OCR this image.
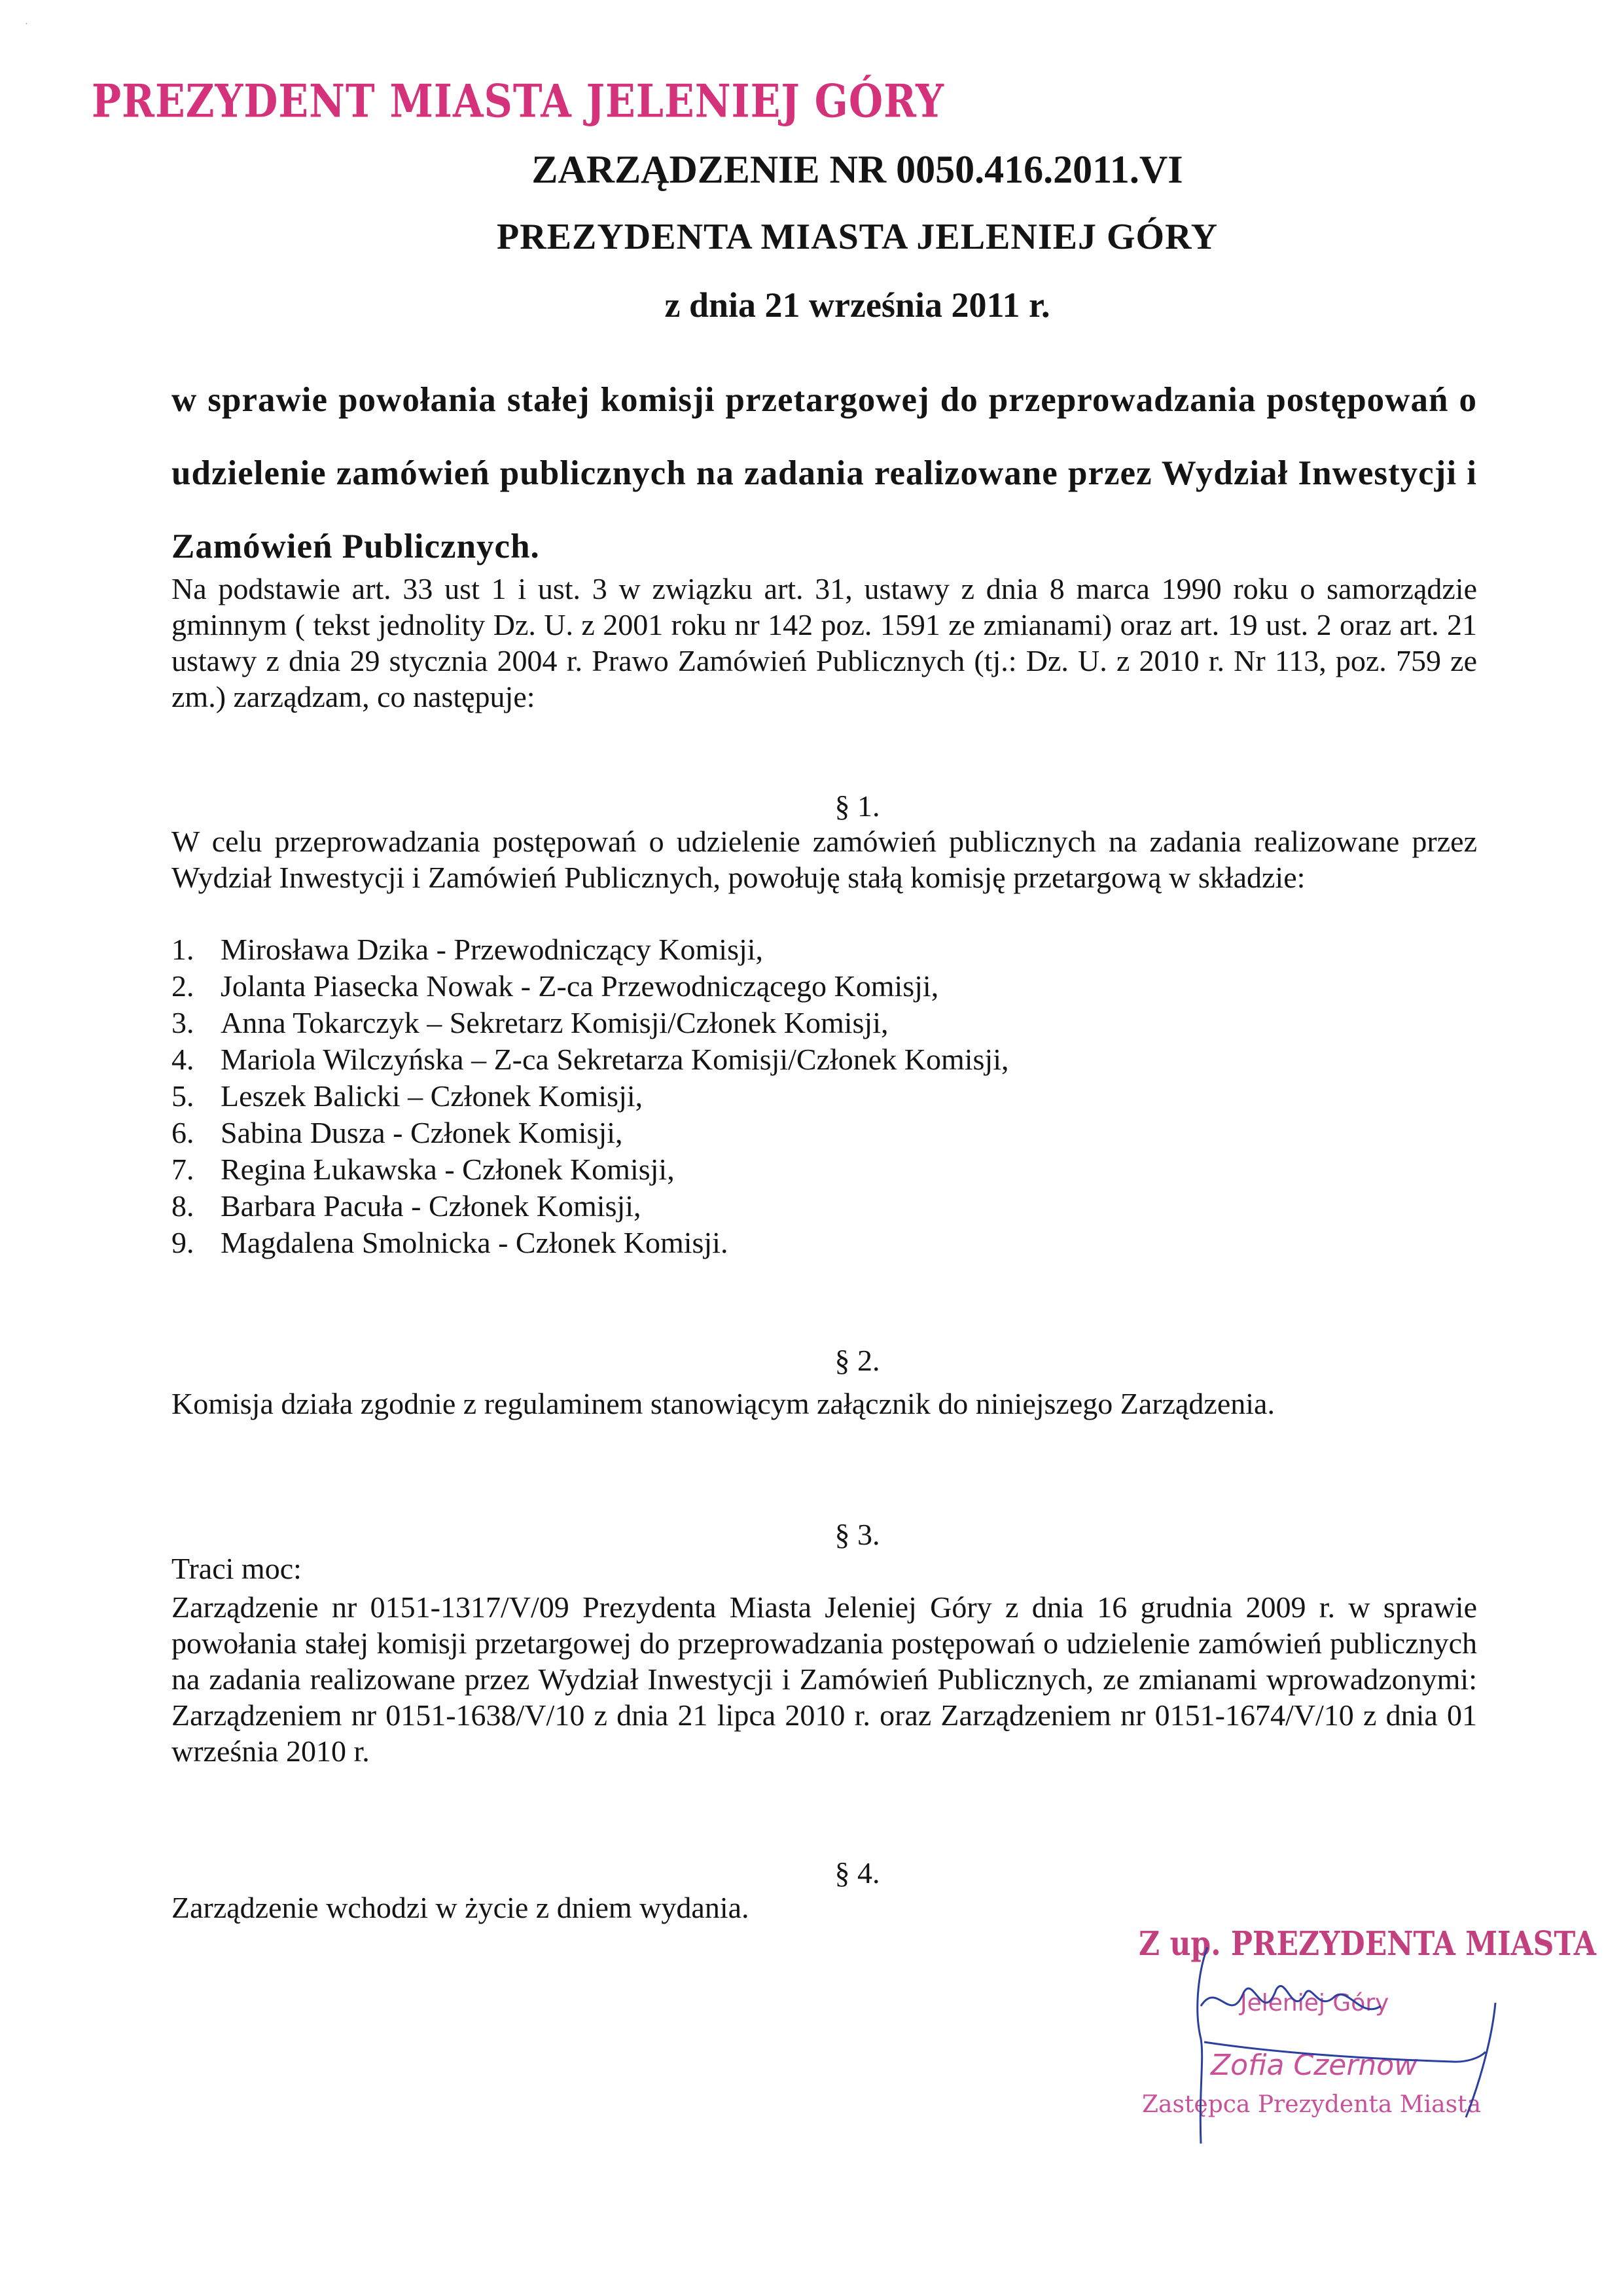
·
PREZYDENT MIASTA JELENIEJ GÓRY
ZARZĄDZENIE NR 0050.416.2011.VI
PREZYDENTA MIASTA JELENIEJ GÓRY
z dnia 21 września 2011 r.
w sprawie powołania stałej komisji przetargowej do przeprowadzania postępowań o udzielenie zamówień publicznych na zadania realizowane przez Wydział Inwestycji i Zamówień Publicznych.
Na podstawie art. 33 ust 1 i ust. 3 w związku art. 31, ustawy z dnia 8 marca 1990 roku o samorządzie gminnym ( tekst jednolity Dz. U. z 2001 roku nr 142 poz. 1591 ze zmianami) oraz art. 19 ust. 2 oraz art. 21 ustawy z dnia 29 stycznia 2004 r. Prawo Zamówień Publicznych (tj.: Dz. U. z 2010 r. Nr 113, poz. 759 ze zm.) zarządzam, co następuje:
§ 1.
W celu przeprowadzania postępowań o udzielenie zamówień publicznych na zadania realizowane przez Wydział Inwestycji i Zamówień Publicznych, powołuję stałą komisję przetargową w składzie:
1. Mirosława Dzika - Przewodniczący Komisji,
2. Jolanta Piasecka Nowak - Z-ca Przewodniczącego Komisji,
3. Anna Tokarczyk – Sekretarz Komisji/Członek Komisji,
4. Mariola Wilczyńska – Z-ca Sekretarza Komisji/Członek Komisji,
5. Leszek Balicki – Członek Komisji,
6. Sabina Dusza - Członek Komisji,
7. Regina Łukawska - Członek Komisji,
8. Barbara Pacuła - Członek Komisji,
9. Magdalena Smolnicka - Członek Komisji.
§ 2.
Komisja działa zgodnie z regulaminem stanowiącym załącznik do niniejszego Zarządzenia.
§ 3.
Traci moc:
Zarządzenie nr 0151-1317/V/09 Prezydenta Miasta Jeleniej Góry z dnia 16 grudnia 2009 r. w sprawie powołania stałej komisji przetargowej do przeprowadzania postępowań o udzielenie zamówień publicznych na zadania realizowane przez Wydział Inwestycji i Zamówień Publicznych, ze zmianami wprowadzonymi: Zarządzeniem nr 0151-1638/V/10 z dnia 21 lipca 2010 r. oraz Zarządzeniem nr 0151-1674/V/10 z dnia 01 września 2010 r.
§ 4.
Zarządzenie wchodzi w życie z dniem wydania.
Z up. PREZYDENTA MIASTA
Jeleniej Góry
Zofia Czernow
Zastępca Prezydenta Miasta
